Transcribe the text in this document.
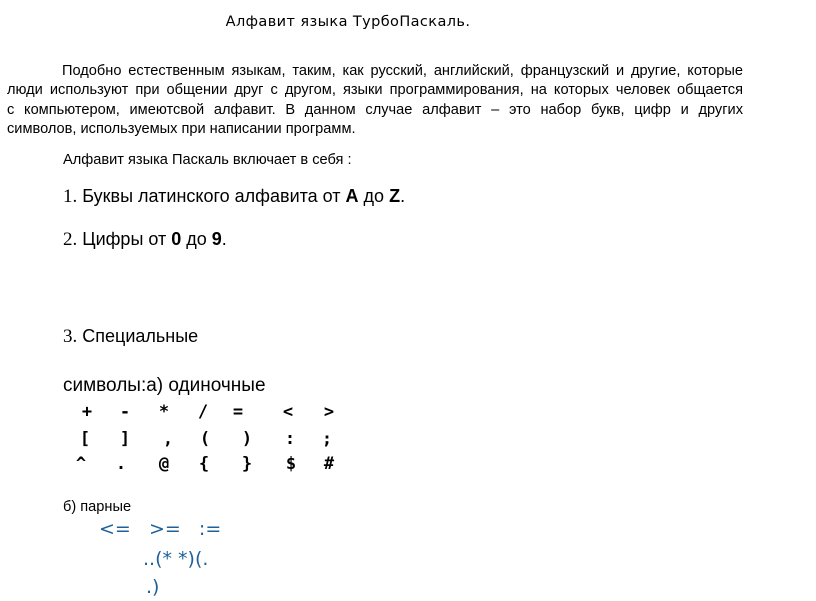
Алфавит языка ТурбоПаскаль.
Подобно естественным языкам, таким, как русский, английский, французский и другие, которые
люди используют при общении друг с другом, языки программирования, на которых человек общается
с компьютером, имеютсвой алфавит. В данном случае алфавит – это набор букв, цифр и других
символов, используемых при написании программ.
Алфавит языка Паскаль включает в себя :
1. Буквы латинского алфавита от A до Z.
2. Цифры от 0 до 9.
3. Специальные
символы:а) одиночные
+ - * / = < >
[ ] , ( ) : ;
^ . @ { } $ #
б) парные
<=   >=   :=
..(* *)(.
.)
